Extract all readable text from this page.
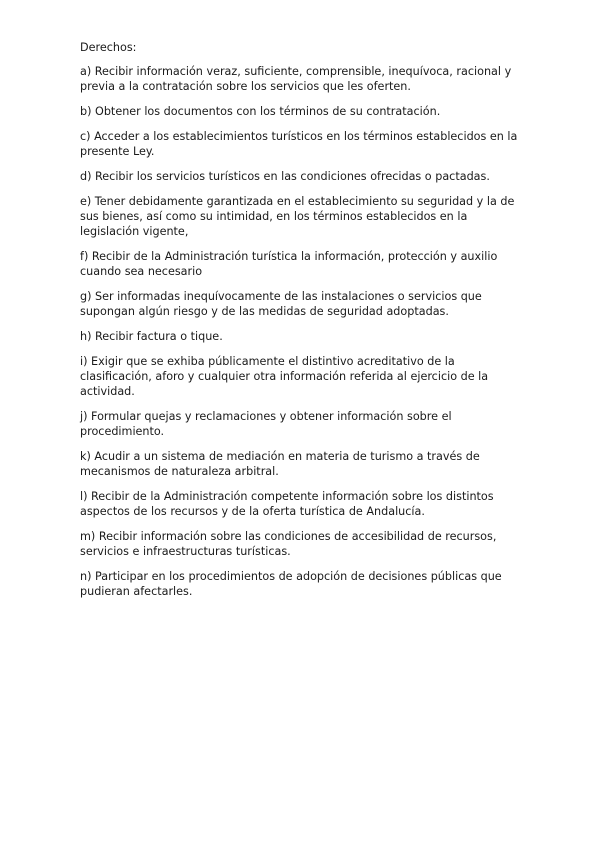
Derechos:

a) Recibir información veraz, suficiente, comprensible, inequívoca, racional y previa a la contratación sobre los servicios que les oferten.

b) Obtener los documentos con los términos de su contratación.

c) Acceder a los establecimientos turísticos en los términos establecidos en la presente Ley.

d) Recibir los servicios turísticos en las condiciones ofrecidas o pactadas.

e) Tener debidamente garantizada en el establecimiento su seguridad y la de sus bienes, así como su intimidad, en los términos establecidos en la legislación vigente,

f) Recibir de la Administración turística la información, protección y auxilio cuando sea necesario

g) Ser informadas inequívocamente de las instalaciones o servicios que supongan algún riesgo y de las medidas de seguridad adoptadas.

h) Recibir factura o tique.

i) Exigir que se exhiba públicamente el distintivo acreditativo de la clasificación, aforo y cualquier otra información referida al ejercicio de la actividad.

j) Formular quejas y reclamaciones y obtener información sobre el procedimiento.

k) Acudir a un sistema de mediación en materia de turismo a través de mecanismos de naturaleza arbitral.

l) Recibir de la Administración competente información sobre los distintos aspectos de los recursos y de la oferta turística de Andalucía.

m) Recibir información sobre las condiciones de accesibilidad de recursos, servicios e infraestructuras turísticas.

n) Participar en los procedimientos de adopción de decisiones públicas que pudieran afectarles.
